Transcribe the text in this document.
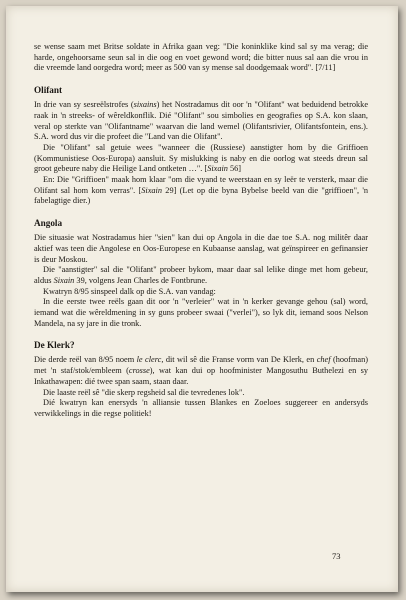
se wense saam met Britse soldate in Afrika gaan veg: "Die koninklike kind sal sy ma verag; die harde, ongehoorsame seun sal in die oog en voet gewond word; die bitter nuus sal aan die vrou in die vreemde land oorgedra word; meer as 500 van sy mense sal doodgemaak word". [7/11]

Olifant

In drie van sy sesreëlstrofes (sixains) het Nostradamus dit oor 'n "Olifant" wat beduidend betrokke raak in 'n streeks- of wêreldkonflik. Dié "Olifant" sou simbolies en geografies op S.A. kon slaan, veral op sterkte van "Olifantname" waarvan die land wemel (Olifantsrivier, Olifantsfontein, ens.). S.A. word dus vir die profeet die "Land van die Olifant".

Die "Olifant" sal getuie wees "wanneer die (Russiese) aanstigter hom by die Griffioen (Kommunistiese Oos-Europa) aansluit. Sy mislukking is naby en die oorlog wat steeds dreun sal groot gebeure naby die Heilige Land ontketen …". [Sixain 56]

En: Die "Griffioen" maak hom klaar "om die vyand te weerstaan en sy leër te versterk, maar die Olifant sal hom kom verras". [Sixain 29] (Let op die byna Bybelse beeld van die "griffioen", 'n fabelagtige dier.)

Angola

Die situasie wat Nostradamus hier "sien" kan dui op Angola in die dae toe S.A. nog militêr daar aktief was teen die Angolese en Oos-Europese en Kubaanse aanslag, wat geïnspireer en gefinansier is deur Moskou.

Die "aanstigter" sal die "Olifant" probeer bykom, maar daar sal lelike dinge met hom gebeur, aldus Sixain 39, volgens Jean Charles de Fontbrune.

Kwatryn 8/95 sinspeel dalk op die S.A. van vandag:

In die eerste twee reëls gaan dit oor 'n "verleier" wat in 'n kerker gevange gehou (sal) word, iemand wat die wêreldmening in sy guns probeer swaai ("verlei"), so lyk dit, iemand soos Nelson Mandela, na sy jare in die tronk.

De Klerk?

Die derde reël van 8/95 noem le clerc, dit wil sê die Franse vorm van De Klerk, en chef (hoofman) met 'n staf/stok/embleem (crosse), wat kan dui op hoofminister Mangosuthu Buthelezi en sy Inkathawapen: dié twee span saam, staan daar.

Die laaste reël sê "die skerp regsheid sal die tevredenes lok".

Dié kwatryn kan enersyds 'n alliansie tussen Blankes en Zoeloes suggereer en andersyds verwikkelings in die regse politiek!

73
